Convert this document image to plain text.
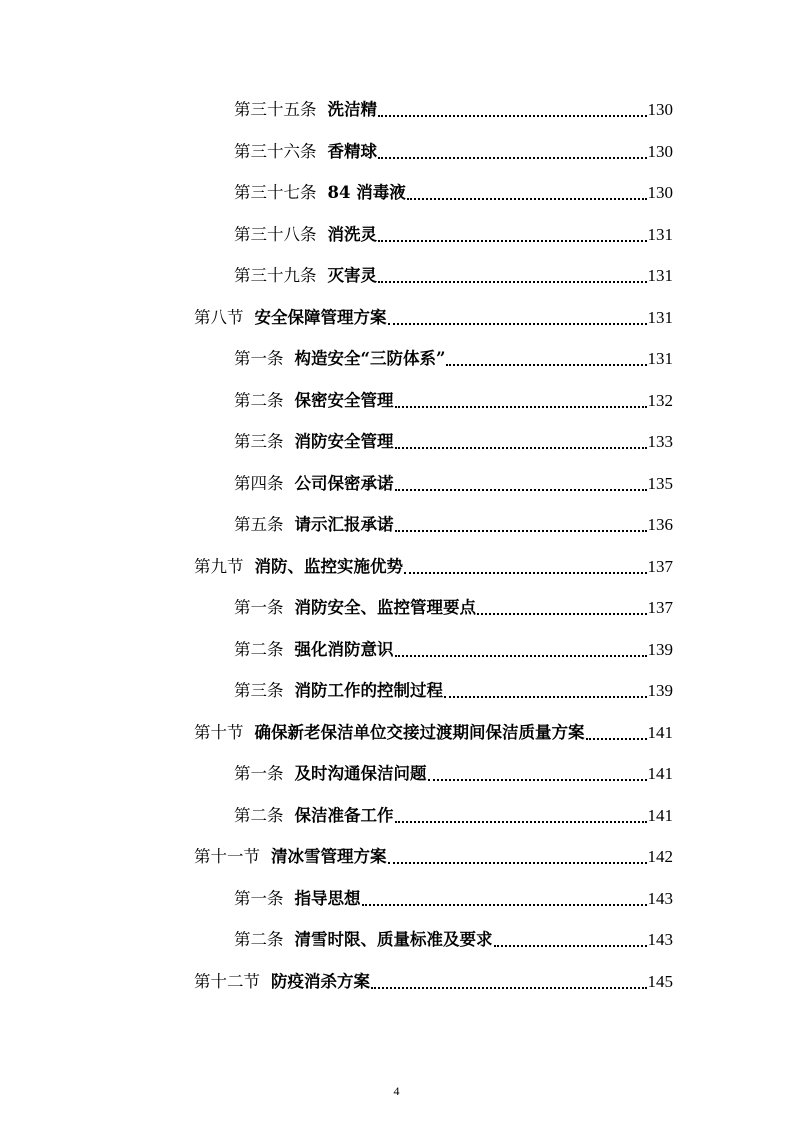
第三十五条 洗洁精	130
第三十六条 香精球	130
第三十七条 84 消毒液	130
第三十八条 消洗灵	131
第三十九条 灭害灵	131
第八节 安全保障管理方案	131
第一条 构造安全“三防体系”	131
第二条 保密安全管理	132
第三条 消防安全管理	133
第四条 公司保密承诺	135
第五条 请示汇报承诺	136
第九节 消防、监控实施优势	137
第一条 消防安全、监控管理要点	137
第二条 强化消防意识	139
第三条 消防工作的控制过程	139
第十节 确保新老保洁单位交接过渡期间保洁质量方案	141
第一条 及时沟通保洁问题	141
第二条 保洁准备工作	141
第十一节 清冰雪管理方案	142
第一条 指导思想	143
第二条 清雪时限、质量标准及要求	143
第十二节 防疫消杀方案	145
4
